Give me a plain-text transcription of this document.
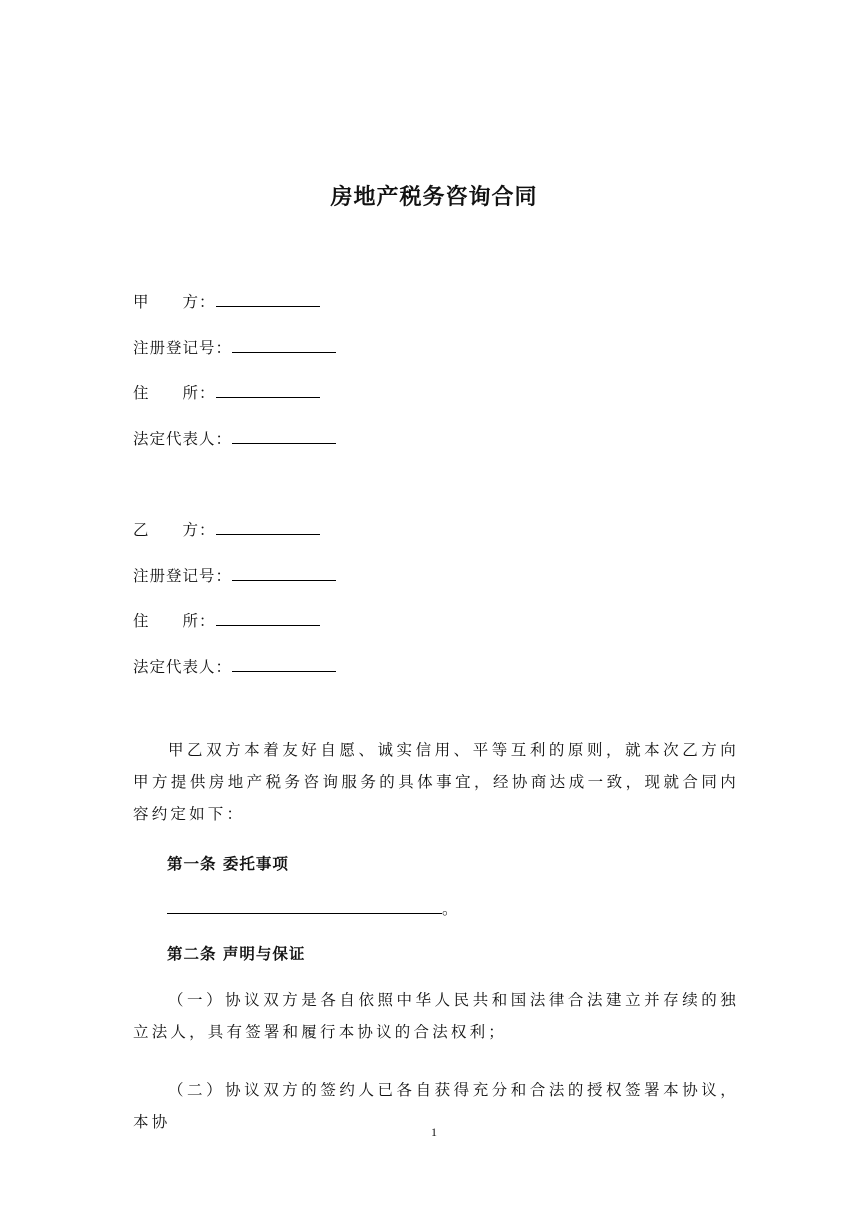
房地产税务咨询合同
甲　　方：
注册登记号：
住　　所：
法定代表人：
乙　　方：
注册登记号：
住　　所：
法定代表人：
甲乙双方本着友好自愿、诚实信用、平等互利的原则，就本次乙方向甲方提供房地产税务咨询服务的具体事宜，经协商达成一致，现就合同内容约定如下：
第一条 委托事项
。
第二条 声明与保证
（一）协议双方是各自依照中华人民共和国法律合法建立并存续的独立法人，具有签署和履行本协议的合法权利；
（二）协议双方的签约人已各自获得充分和合法的授权签署本协议，本协
1
